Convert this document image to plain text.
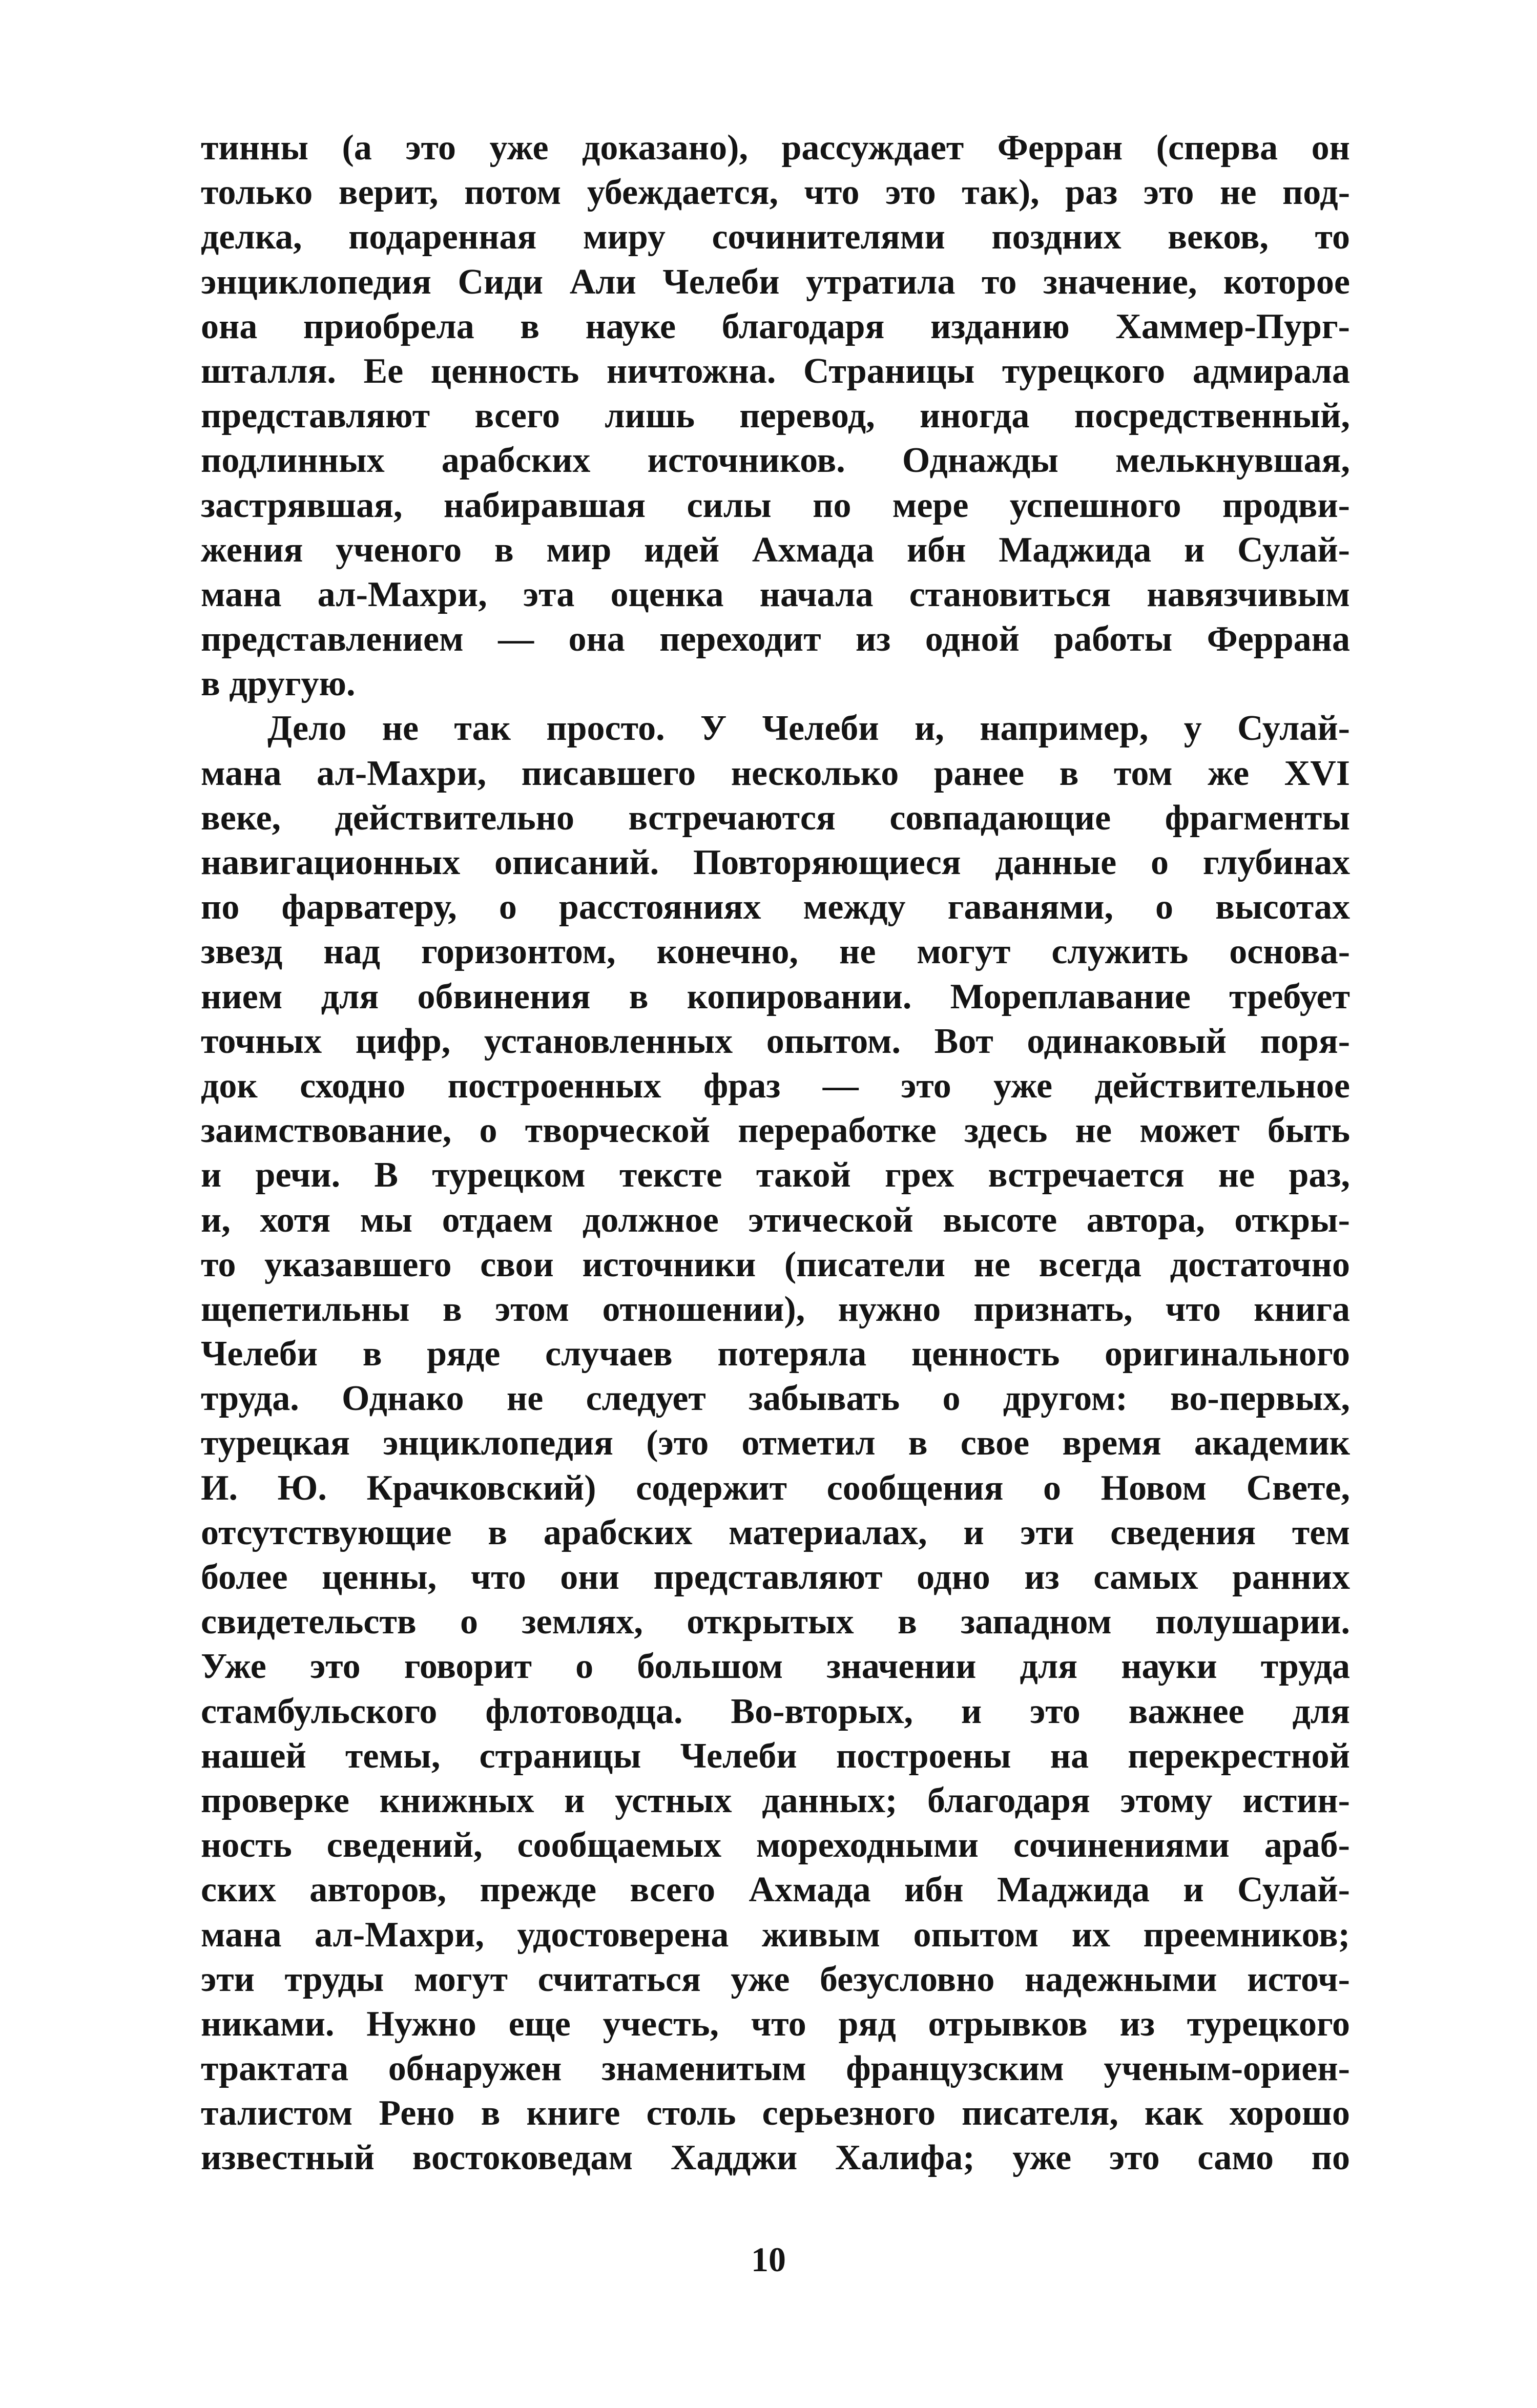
тинны (а это уже доказано), рассуждает Ферран (сперва он
только верит, потом убеждается, что это так), раз это не под-
делка, подаренная миру сочинителями поздних веков, то
энциклопедия Сиди Али Челеби утратила то значение, которое
она приобрела в науке благодаря изданию Хаммер-Пург-
шталля. Ее ценность ничтожна. Страницы турецкого адмирала
представляют всего лишь перевод, иногда посредственный,
подлинных арабских источников. Однажды мелькнувшая,
застрявшая, набиравшая силы по мере успешного продви-
жения ученого в мир идей Ахмада ибн Маджида и Сулай-
мана ал-Махри, эта оценка начала становиться навязчивым
представлением — она переходит из одной работы Феррана
в другую.
Дело не так просто. У Челеби и, например, у Сулай-
мана ал-Махри, писавшего несколько ранее в том же XVI
веке, действительно встречаются совпадающие фрагменты
навигационных описаний. Повторяющиеся данные о глубинах
по фарватеру, о расстояниях между гаванями, о высотах
звезд над горизонтом, конечно, не могут служить основа-
нием для обвинения в копировании. Мореплавание требует
точных цифр, установленных опытом. Вот одинаковый поря-
док сходно построенных фраз — это уже действительное
заимствование, о творческой переработке здесь не может быть
и речи. В турецком тексте такой грех встречается не раз,
и, хотя мы отдаем должное этической высоте автора, откры-
то указавшего свои источники (писатели не всегда достаточно
щепетильны в этом отношении), нужно признать, что книга
Челеби в ряде случаев потеряла ценность оригинального
труда. Однако не следует забывать о другом: во-первых,
турецкая энциклопедия (это отметил в свое время академик
И. Ю. Крачковский) содержит сообщения о Новом Свете,
отсутствующие в арабских материалах, и эти сведения тем
более ценны, что они представляют одно из самых ранних
свидетельств о землях, открытых в западном полушарии.
Уже это говорит о большом значении для науки труда
стамбульского флотоводца. Во-вторых, и это важнее для
нашей темы, страницы Челеби построены на перекрестной
проверке книжных и устных данных; благодаря этому истин-
ность сведений, сообщаемых мореходными сочинениями араб-
ских авторов, прежде всего Ахмада ибн Маджида и Сулай-
мана ал-Махри, удостоверена живым опытом их преемников;
эти труды могут считаться уже безусловно надежными источ-
никами. Нужно еще учесть, что ряд отрывков из турецкого
трактата обнаружен знаменитым французским ученым-ориен-
талистом Рено в книге столь серьезного писателя, как хорошо
известный востоковедам Хадджи Халифа; уже это само по
10
